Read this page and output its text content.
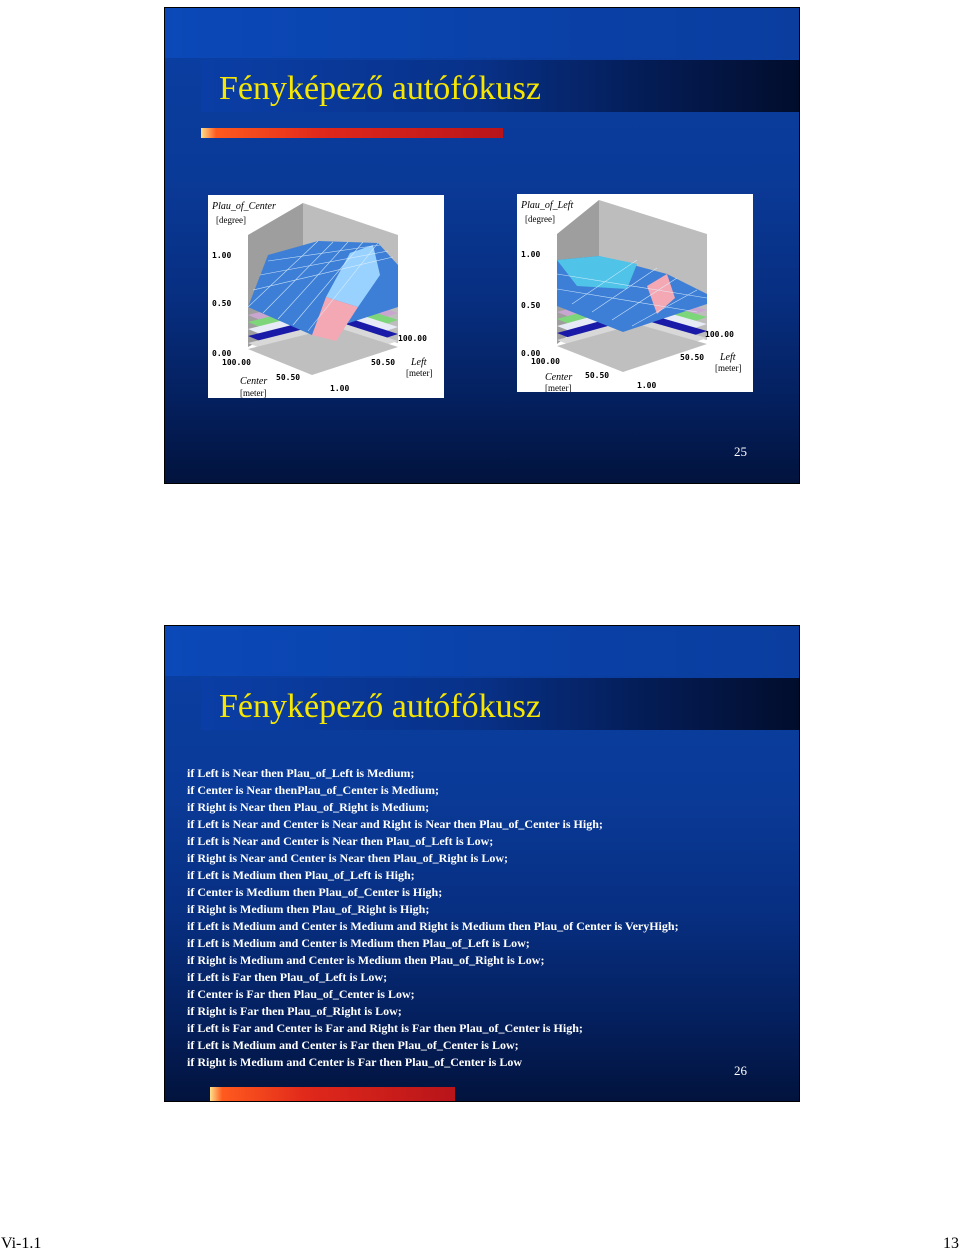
Fényképező autófókusz
Plau_of_Center
[degree]
1.00
0.50
0.00
100.00
50.50
1.00
100.00
50.50
Center
[meter]
Left
[meter]
Plau_of_Left
[degree]
1.00
0.50
0.00
100.00
50.50
1.00
100.00
50.50
Center
[meter]
Left
[meter]
25
Fényképező autófókusz
if Left is Near then Plau_of_Left is Medium;
if Center is Near thenPlau_of_Center is Medium;
if Right is Near then Plau_of_Right is Medium;
if Left is Near and Center is Near and Right is Near then Plau_of_Center is High;
if Left is Near and Center is Near then Plau_of_Left is Low;
if Right is Near and Center is Near then Plau_of_Right is Low;
if Left is Medium then Plau_of_Left is High;
if Center is Medium then Plau_of_Center is High;
if Right is Medium then Plau_of_Right is High;
if Left is Medium and Center is Medium and Right is Medium then Plau_of Center is VeryHigh;
if Left is Medium and Center is Medium then Plau_of_Left is Low;
if Right is Medium and Center is Medium then Plau_of_Right is Low;
if Left is Far then Plau_of_Left is Low;
if Center is Far then Plau_of_Center is Low;
if Right is Far then Plau_of_Right is Low;
if Left is Far and Center is Far and Right is Far then Plau_of_Center is High;
if Left is Medium and Center is Far then Plau_of_Center is Low;
if Right is Medium and Center is Far then Plau_of_Center is Low
26
Vi-1.1	13
